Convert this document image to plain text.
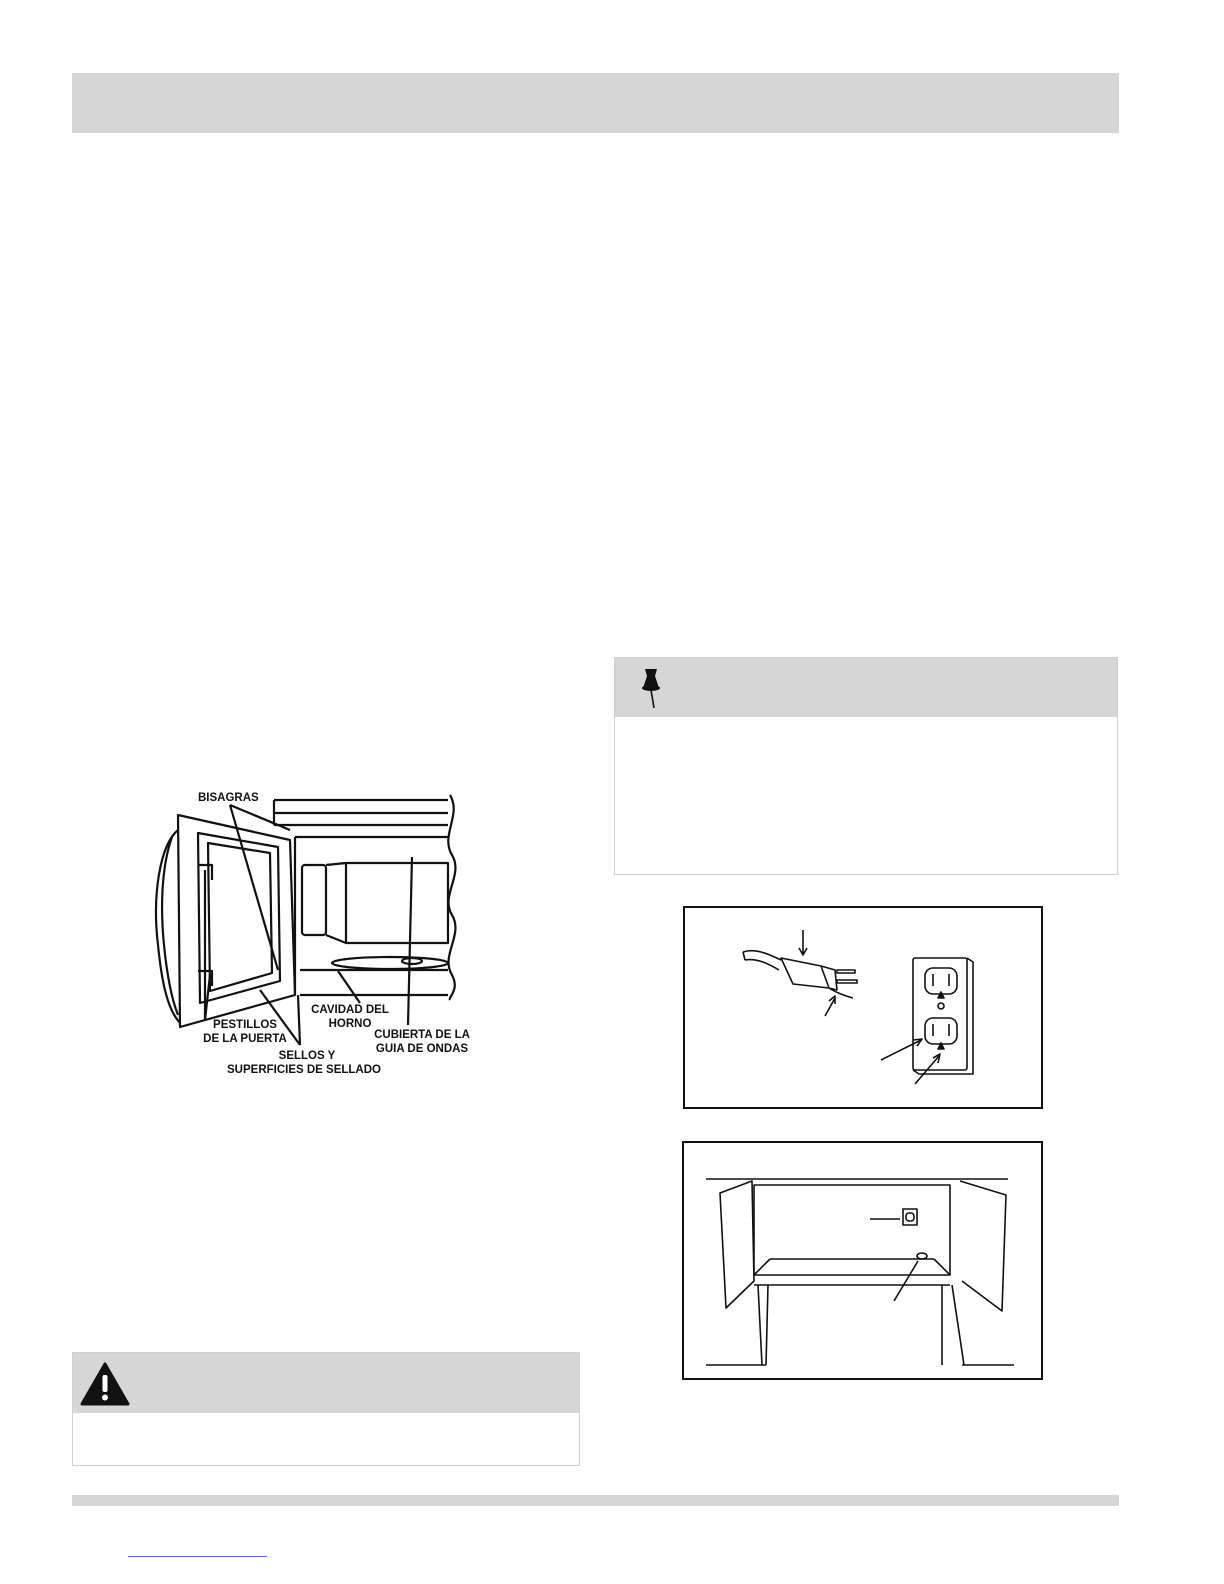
BISAGRAS
PESTILLOS
DE LA PUERTA
CAVIDAD DEL
HORNO
CUBIERTA DE LA
GUIA DE ONDAS
SELLOS Y
SUPERFICIES DE SELLADO
